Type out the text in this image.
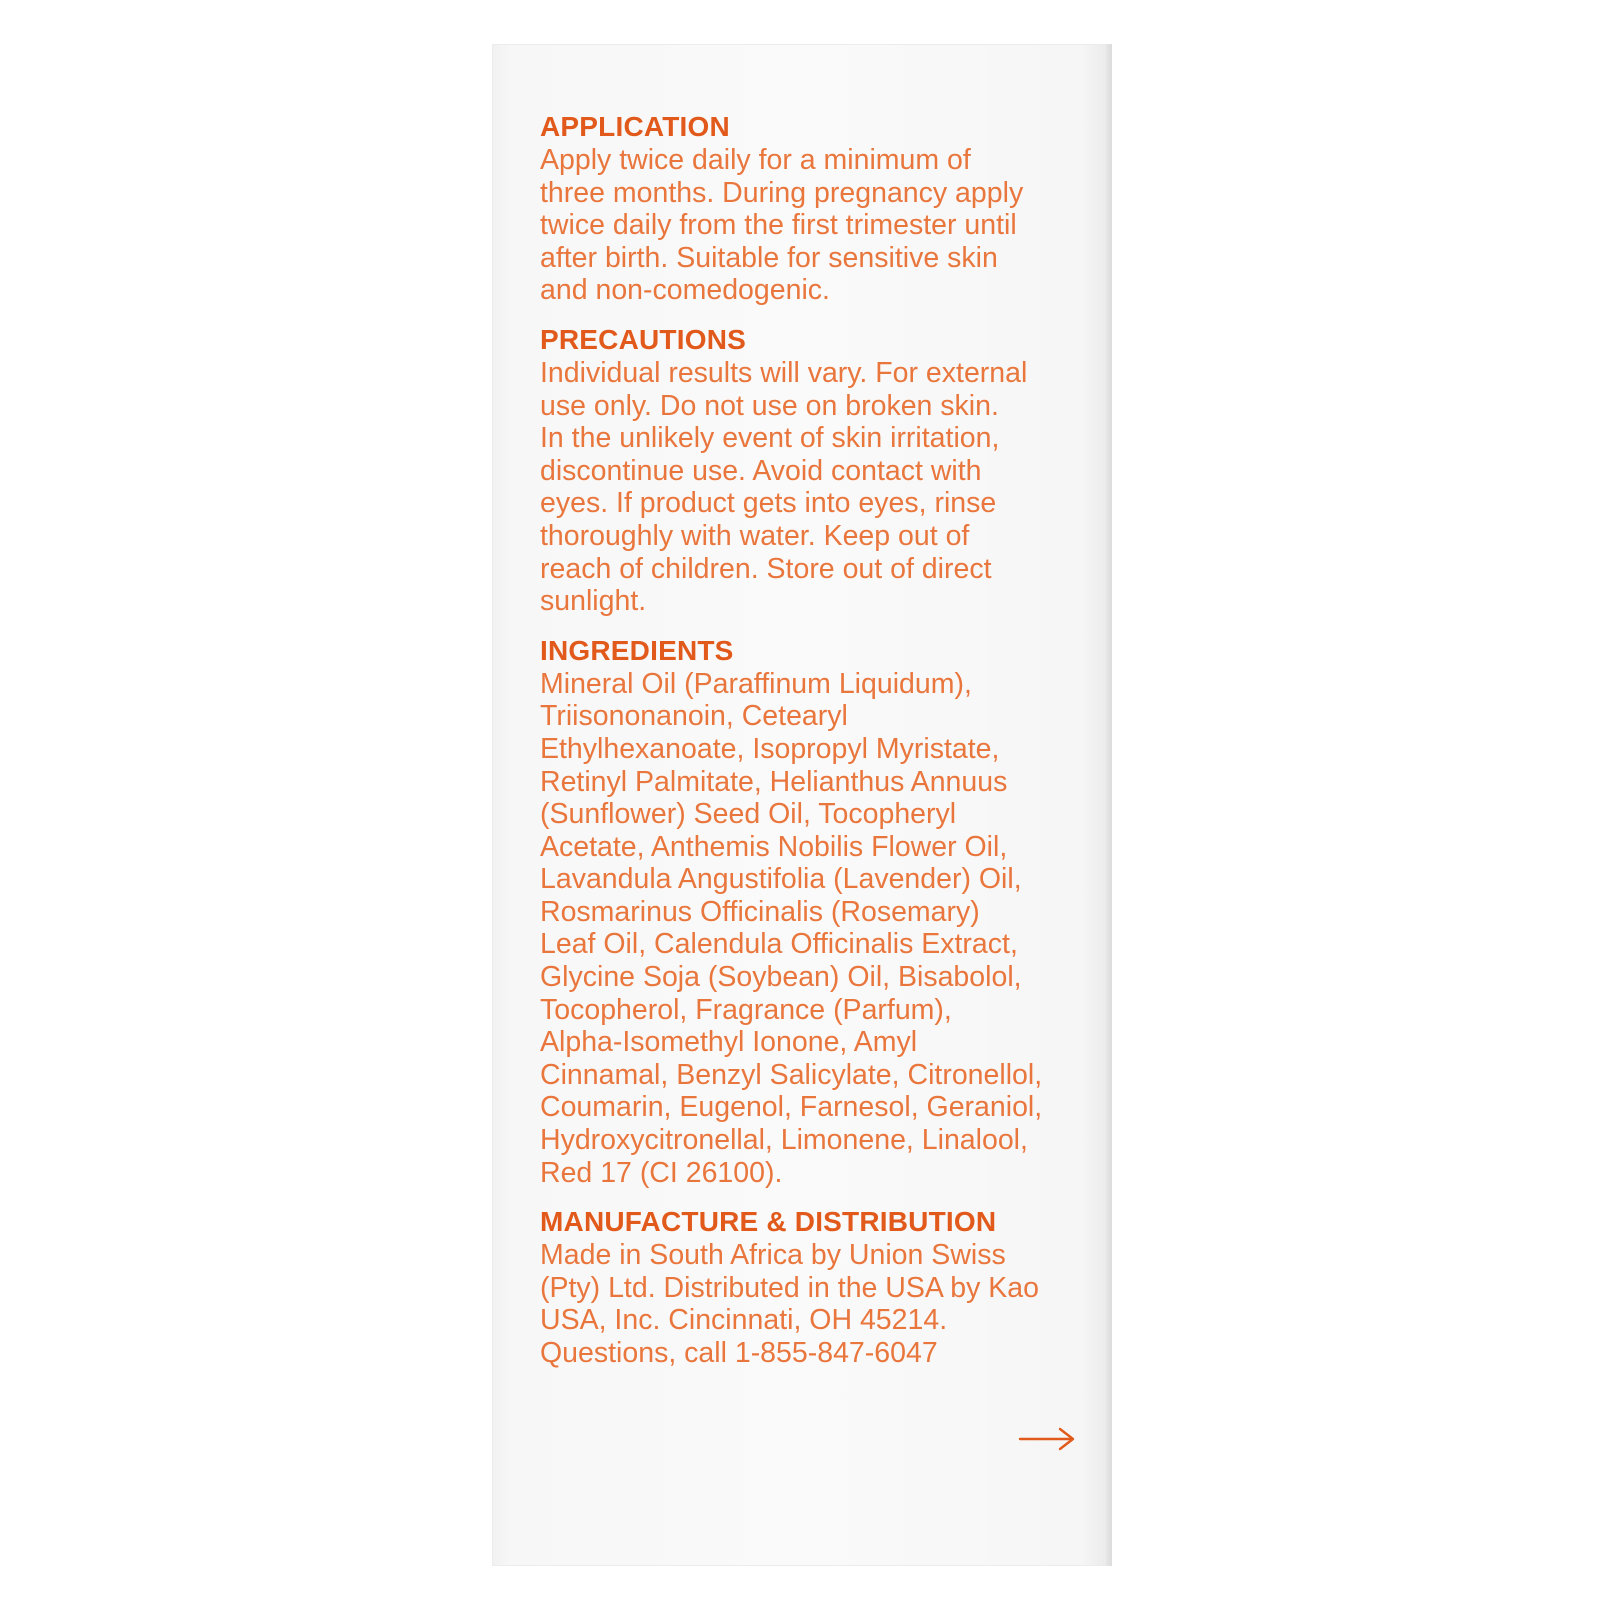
APPLICATION
Apply twice daily for a minimum of
three months. During pregnancy apply
twice daily from the first trimester until
after birth. Suitable for sensitive skin
and non-comedogenic.
PRECAUTIONS
Individual results will vary. For external
use only. Do not use on broken skin.
In the unlikely event of skin irritation,
discontinue use. Avoid contact with
eyes. If product gets into eyes, rinse
thoroughly with water. Keep out of
reach of children. Store out of direct
sunlight.
INGREDIENTS
Mineral Oil (Paraffinum Liquidum),
Triisononanoin, Cetearyl
Ethylhexanoate, Isopropyl Myristate,
Retinyl Palmitate, Helianthus Annuus
(Sunflower) Seed Oil, Tocopheryl
Acetate, Anthemis Nobilis Flower Oil,
Lavandula Angustifolia (Lavender) Oil,
Rosmarinus Officinalis (Rosemary)
Leaf Oil, Calendula Officinalis Extract,
Glycine Soja (Soybean) Oil, Bisabolol,
Tocopherol, Fragrance (Parfum),
Alpha-Isomethyl Ionone, Amyl
Cinnamal, Benzyl Salicylate, Citronellol,
Coumarin, Eugenol, Farnesol, Geraniol,
Hydroxycitronellal, Limonene, Linalool,
Red 17 (CI 26100).
MANUFACTURE & DISTRIBUTION
Made in South Africa by Union Swiss
(Pty) Ltd. Distributed in the USA by Kao
USA, Inc. Cincinnati, OH 45214.
Questions, call 1-855-847-6047
